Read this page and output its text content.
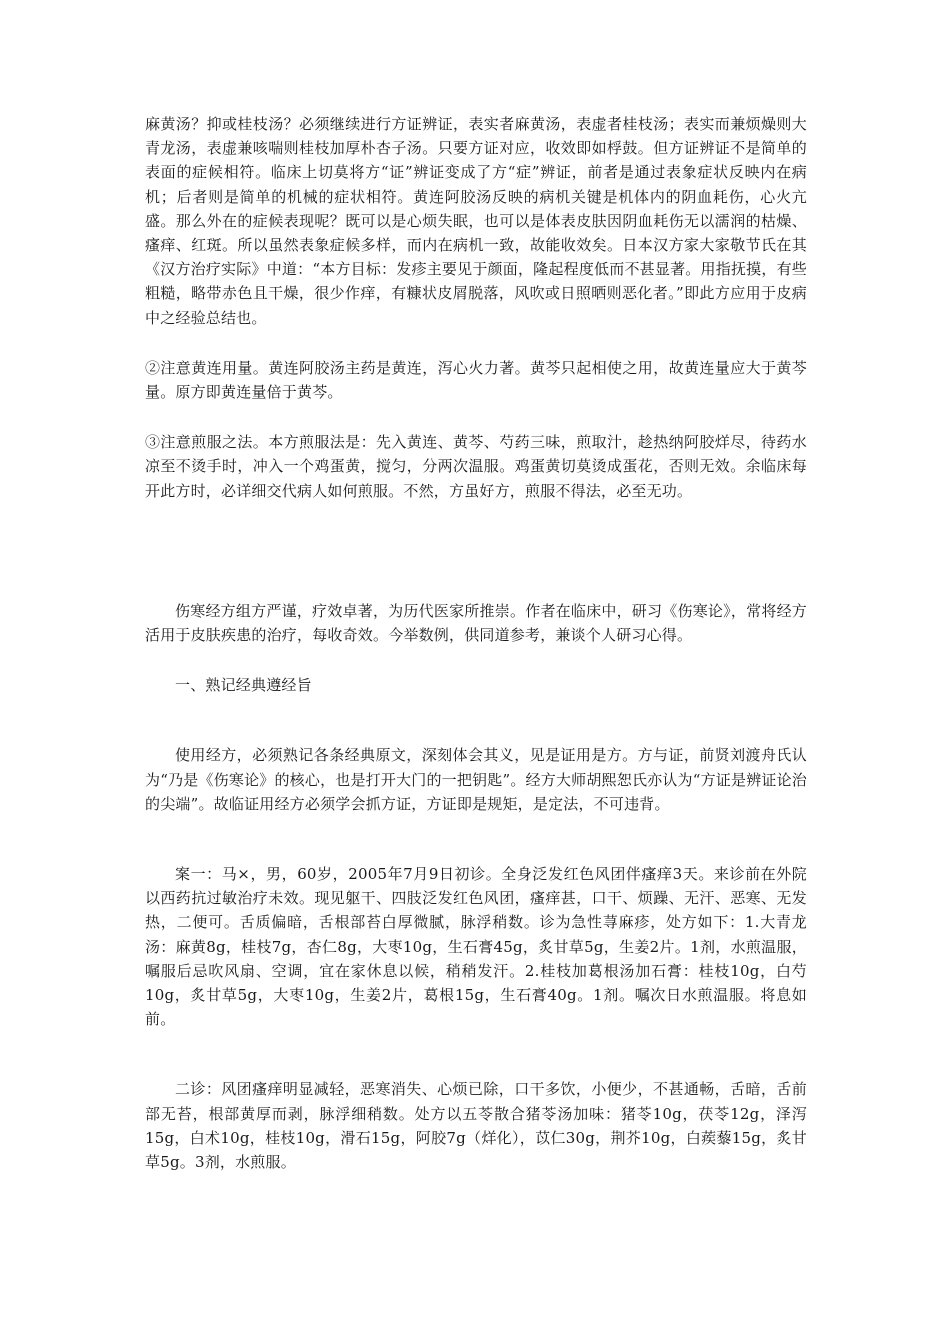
麻黄汤？抑或桂枝汤？必须继续进行方证辨证，表实者麻黄汤，表虚者桂枝汤；表实而兼烦燥则大青龙汤，表虚兼咳喘则桂枝加厚朴杏子汤。只要方证对应，收效即如桴鼓。但方证辨证不是简单的表面的症候相符。临床上切莫将方“证”辨证变成了方“症”辨证，前者是通过表象症状反映内在病机；后者则是简单的机械的症状相符。黄连阿胶汤反映的病机关键是机体内的阴血耗伤，心火亢盛。那么外在的症候表现呢？既可以是心烦失眠，也可以是体表皮肤因阴血耗伤无以濡润的枯燥、瘙痒、红斑。所以虽然表象症候多样，而内在病机一致，故能收效矣。日本汉方家大家敬节氏在其《汉方治疗实际》中道：“本方目标：发疹主要见于颜面，隆起程度低而不甚显著。用指抚摸，有些粗糙，略带赤色且干燥，很少作痒，有糠状皮屑脱落，风吹或日照晒则恶化者。”即此方应用于皮病中之经验总结也。

②注意黄连用量。黄连阿胶汤主药是黄连，泻心火力著。黄芩只起相使之用，故黄连量应大于黄芩量。原方即黄连量倍于黄芩。

③注意煎服之法。本方煎服法是：先入黄连、黄芩、芍药三味，煎取汁，趁热纳阿胶烊尽，待药水凉至不烫手时，冲入一个鸡蛋黄，搅匀，分两次温服。鸡蛋黄切莫烫成蛋花，否则无效。余临床每开此方时，必详细交代病人如何煎服。不然，方虽好方，煎服不得法，必至无功。

伤寒经方组方严谨，疗效卓著，为历代医家所推崇。作者在临床中，研习《伤寒论》，常将经方活用于皮肤疾患的治疗，每收奇效。今举数例，供同道参考，兼谈个人研习心得。

一、熟记经典遵经旨

使用经方，必须熟记各条经典原文，深刻体会其义，见是证用是方。方与证，前贤刘渡舟氏认为“乃是《伤寒论》的核心，也是打开大门的一把钥匙”。经方大师胡熙恕氏亦认为“方证是辨证论治的尖端”。故临证用经方必须学会抓方证，方证即是规矩，是定法，不可违背。

案一：马×，男，60岁，2005年7月9日初诊。全身泛发红色风团伴瘙痒3天。来诊前在外院以西药抗过敏治疗未效。现见躯干、四肢泛发红色风团，瘙痒甚，口干、烦躁、无汗、恶寒、无发热，二便可。舌质偏暗，舌根部苔白厚微腻，脉浮稍数。诊为急性荨麻疹，处方如下：1.大青龙汤：麻黄8g，桂枝7g，杏仁8g，大枣10g，生石膏45g，炙甘草5g，生姜2片。1剂，水煎温服，嘱服后忌吹风扇、空调，宜在家休息以候，稍稍发汗。2.桂枝加葛根汤加石膏：桂枝10g，白芍10g，炙甘草5g，大枣10g，生姜2片，葛根15g，生石膏40g。1剂。嘱次日水煎温服。将息如前。

二诊：风团瘙痒明显减轻，恶寒消失、心烦已除，口干多饮，小便少，不甚通畅，舌暗，舌前部无苔，根部黄厚而剥，脉浮细稍数。处方以五苓散合猪苓汤加味：猪苓10g，茯苓12g，泽泻15g，白术10g，桂枝10g，滑石15g，阿胶7g（烊化），苡仁30g，荆芥10g，白蒺藜15g，炙甘草5g。3剂，水煎服。
